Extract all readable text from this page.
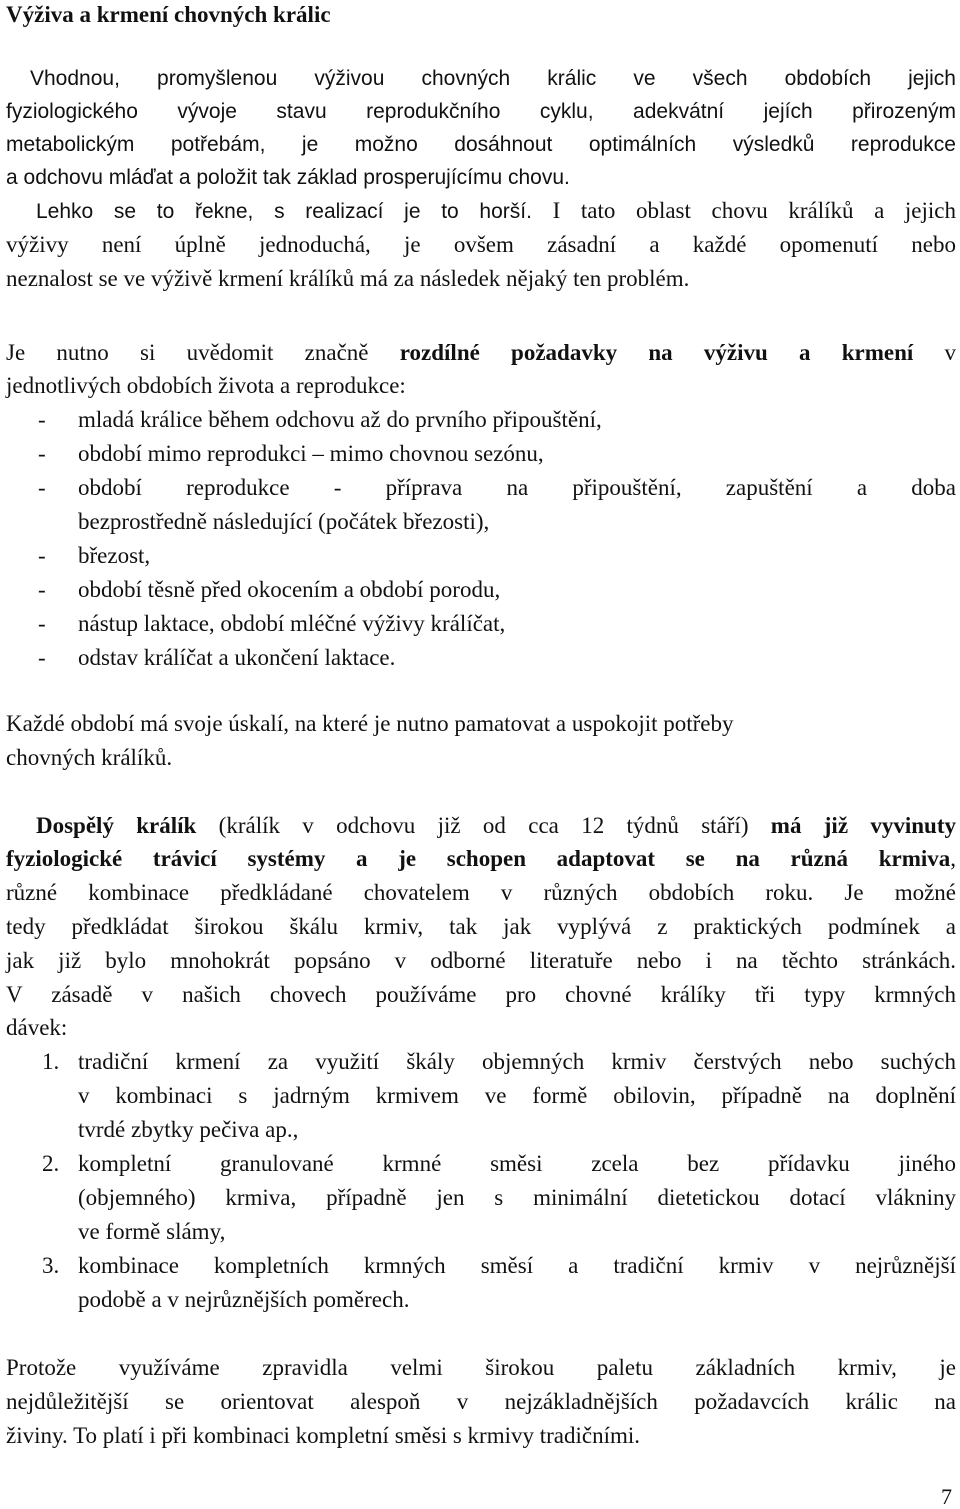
Výživa a krmení chovných králic
Vhodnou, promyšlenou výživou chovných králic ve všech obdobích jejich
fyziologického vývoje stavu reprodukčního cyklu, adekvátní jejích přirozeným
metabolickým potřebám, je možno dosáhnout optimálních výsledků reprodukce
a odchovu mláďat a položit tak základ prosperujícímu chovu.
Lehko se to řekne, s realizací je to horší. I tato oblast chovu králíků a jejich
výživy není úplně jednoduchá, je ovšem zásadní a každé opomenutí nebo
neznalost se ve výživě krmení králíků má za následek nějaký ten problém.
Je nutno si uvědomit značně rozdílné požadavky na výživu a krmení v
jednotlivých obdobích života a reprodukce:
- mladá králice během odchovu až do prvního připouštění,
- období mimo reprodukci – mimo chovnou sezónu,
- období reprodukce - příprava na připouštění, zapuštění a doba
bezprostředně následující (počátek březosti),
- březost,
- období těsně před okocením a období porodu,
- nástup laktace, období mléčné výživy králíčat,
- odstav králíčat a ukončení laktace.
Každé období má svoje úskalí, na které je nutno pamatovat a uspokojit potřeby
chovných králíků.
Dospělý králík (králík v odchovu již od cca 12 týdnů stáří) má již vyvinuty
fyziologické trávicí systémy a je schopen adaptovat se na různá krmiva,
různé kombinace předkládané chovatelem v různých obdobích roku. Je možné
tedy předkládat širokou škálu krmiv, tak jak vyplývá z praktických podmínek a
jak již bylo mnohokrát popsáno v odborné literatuře nebo i na těchto stránkách.
V zásadě v našich chovech používáme pro chovné králíky tři typy krmných
dávek:
1. tradiční krmení za využití škály objemných krmiv čerstvých nebo suchých
v kombinaci s jadrným krmivem ve formě obilovin, případně na doplnění
tvrdé zbytky pečiva ap.,
2. kompletní granulované krmné směsi zcela bez přídavku jiného
(objemného) krmiva, případně jen s minimální dietetickou dotací vlákniny
ve formě slámy,
3. kombinace kompletních krmných směsí a tradiční krmiv v nejrůznější
podobě a v nejrůznějších poměrech.
Protože využíváme zpravidla velmi širokou paletu základních krmiv, je
nejdůležitější se orientovat alespoň v nejzákladnějších požadavcích králic na
živiny. To platí i při kombinaci kompletní směsi s krmivy tradičními.
7
